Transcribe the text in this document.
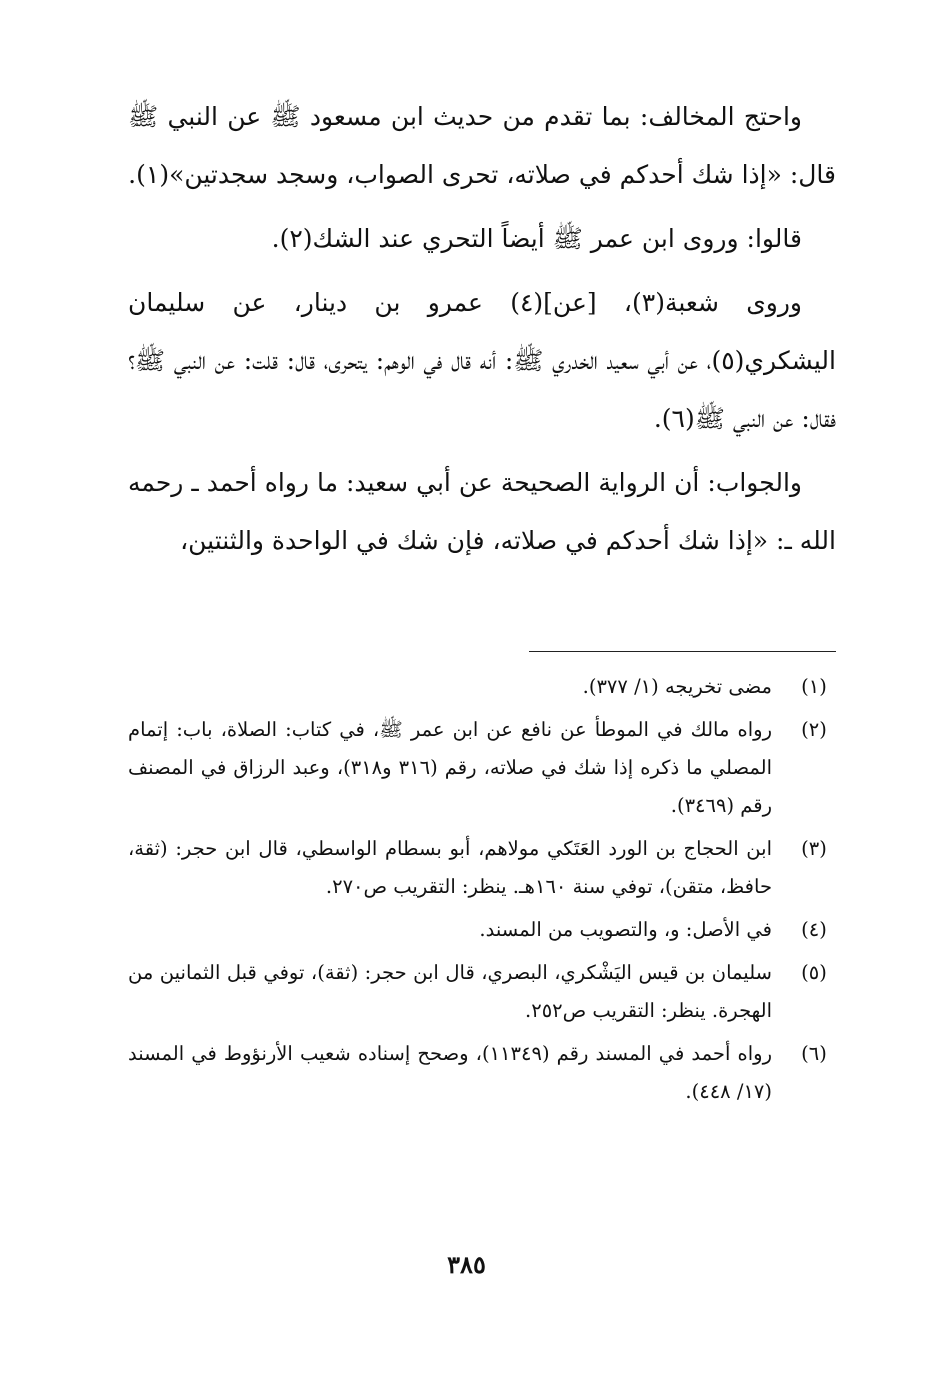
واحتج المخالف: بما تقدم من حديث ابن مسعود ﷺ عن النبي ﷺ قال: «إذا شك أحدكم في صلاته، تحرى الصواب، وسجد سجدتين»(١).

قالوا: وروى ابن عمر ﷺ أيضاً التحري عند الشك(٢).

وروى شعبة(٣)، [عن](٤) عمرو بن دينار، عن سليمان اليشكري(٥)، عن أبي سعيد الخدري ﷺ: أنه قال في الوهم: يتحرى، قال: قلت: عن النبي ﷺ؟ فقال: عن النبي ﷺ(٦).

والجواب: أن الرواية الصحيحة عن أبي سعيد: ما رواه أحمد ـ رحمه الله ـ: «إذا شك أحدكم في صلاته، فإن شك في الواحدة والثنتين،

(١)
مضى تخريجه (١/ ٣٧٧).
(٢)
رواه مالك في الموطأ عن نافع عن ابن عمر ﷺ، في كتاب: الصلاة، باب: إتمام المصلي ما ذكره إذا شك في صلاته، رقم (٣١٦ و٣١٨)، وعبد الرزاق في المصنف رقم (٣٤٦٩).
(٣)
ابن الحجاج بن الورد العَتَكي مولاهم، أبو بسطام الواسطي، قال ابن حجر: (ثقة، حافظ، متقن)، توفي سنة ١٦٠هـ. ينظر: التقريب ص٢٧٠.
(٤)
في الأصل: و، والتصويب من المسند.
(٥)
سليمان بن قيس اليَشْكري، البصري، قال ابن حجر: (ثقة)، توفي قبل الثمانين من الهجرة. ينظر: التقريب ص٢٥٢.
(٦)
رواه أحمد في المسند رقم (١١٣٤٩)، وصحح إسناده شعيب الأرنؤوط في المسند (١٧/ ٤٤٨).
٣٨٥
